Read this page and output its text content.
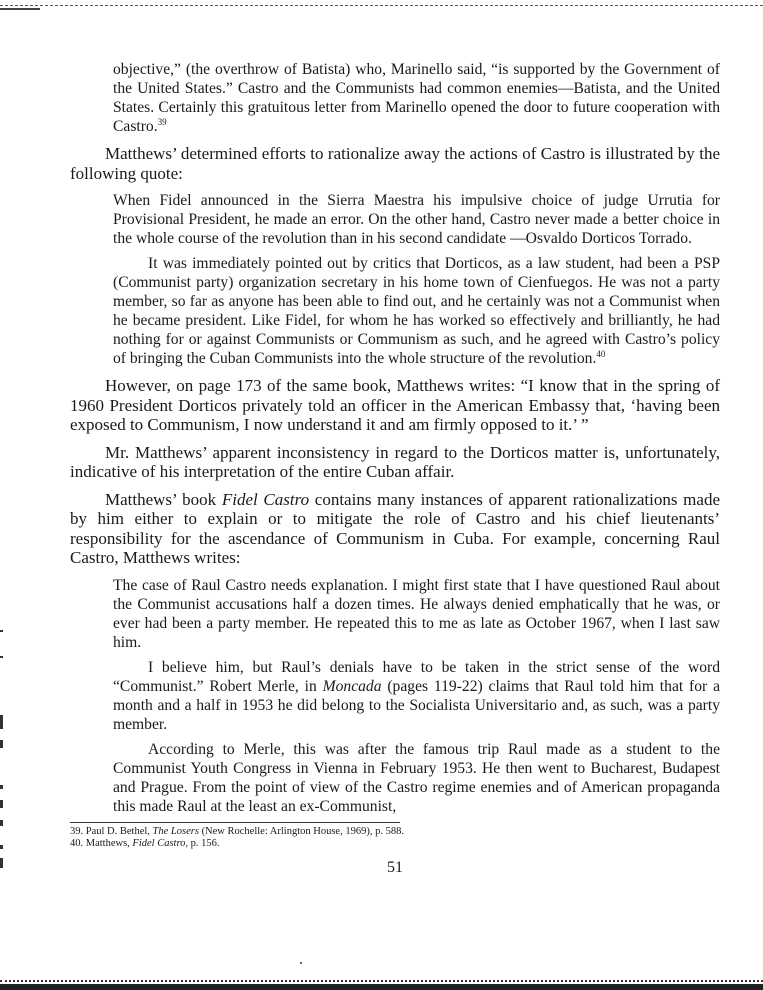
objective,” (the overthrow of Batista) who, Marinello said, “is supported by the Government of the United States.” Castro and the Communists had common enemies—Batista, and the United States. Certainly this gratuitous letter from Marinello opened the door to future cooperation with Castro.$^{39}$

Matthews’ determined efforts to rationalize away the actions of Castro is illustrated by the following quote:

When Fidel announced in the Sierra Maestra his impulsive choice of judge Urrutia for Provisional President, he made an error. On the other hand, Castro never made a better choice in the whole course of the revolution than in his second candidate —Osvaldo Dorticos Torrado.

It was immediately pointed out by critics that Dorticos, as a law student, had been a PSP (Communist party) organization secretary in his home town of Cienfuegos. He was not a party member, so far as anyone has been able to find out, and he certainly was not a Communist when he became president. Like Fidel, for whom he has worked so effectively and brilliantly, he had nothing for or against Communists or Communism as such, and he agreed with Castro’s policy of bringing the Cuban Communists into the whole structure of the revolution.$^{40}$

However, on page 173 of the same book, Matthews writes: “I know that in the spring of 1960 President Dorticos privately told an officer in the American Embassy that, ‘having been exposed to Communism, I now understand it and am firmly opposed to it.’ ”

Mr. Matthews’ apparent inconsistency in regard to the Dorticos matter is, unfortunately, indicative of his interpretation of the entire Cuban affair.

Matthews’ book Fidel Castro contains many instances of apparent rationalizations made by him either to explain or to mitigate the role of Castro and his chief lieutenants’ responsibility for the ascendance of Communism in Cuba. For example, concerning Raul Castro, Matthews writes:

The case of Raul Castro needs explanation. I might first state that I have questioned Raul about the Communist accusations half a dozen times. He always denied emphatically that he was, or ever had been a party member. He repeated this to me as late as October 1967, when I last saw him.

I believe him, but Raul’s denials have to be taken in the strict sense of the word “Communist.” Robert Merle, in Moncada (pages 119-22) claims that Raul told him that for a month and a half in 1953 he did belong to the Socialista Universitario and, as such, was a party member.

According to Merle, this was after the famous trip Raul made as a student to the Communist Youth Congress in Vienna in February 1953. He then went to Bucharest, Budapest and Prague. From the point of view of the Castro regime enemies and of American propaganda this made Raul at the least an ex-Communist,

39. Paul D. Bethel, The Losers (New Rochelle: Arlington House, 1969), p. 588.

40. Matthews, Fidel Castro, p. 156.

51
